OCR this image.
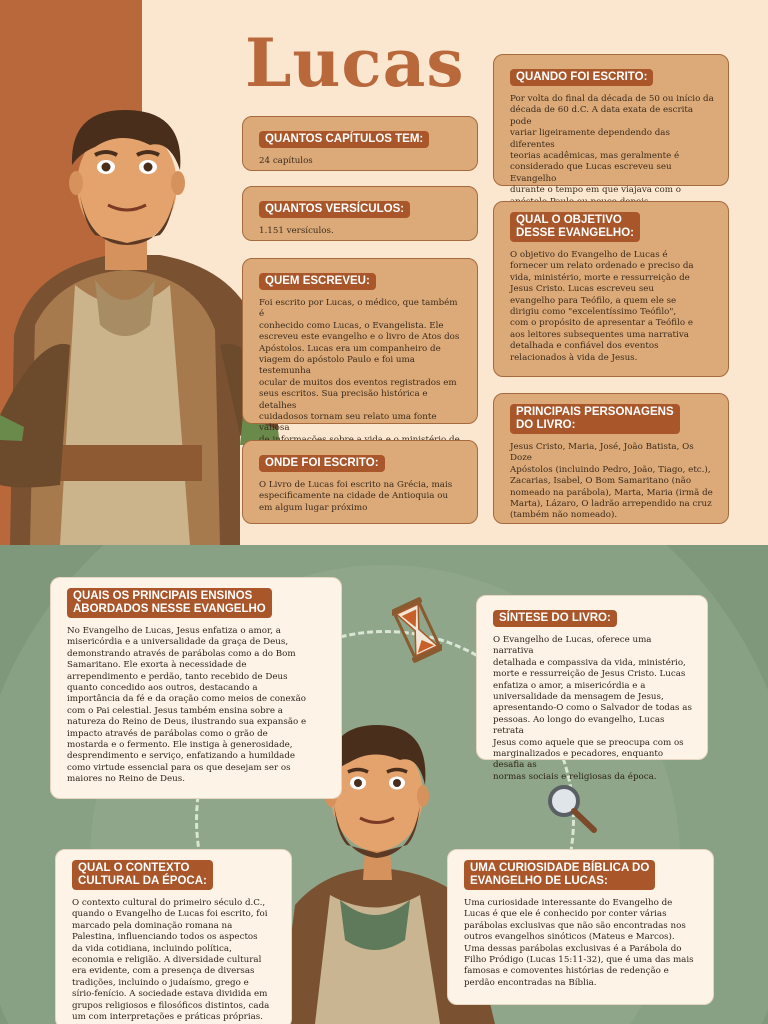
Lucas
QUANTOS CAPÍTULOS TEM:
24 capítulos
QUANTOS VERSÍCULOS:
1.151 versículos.
QUEM ESCREVEU:
Foi escrito por Lucas, o médico, que também é
conhecido como Lucas, o Evangelista. Ele
escreveu este evangelho e o livro de Atos dos
Apóstolos. Lucas era um companheiro de
viagem do apóstolo Paulo e foi uma testemunha
ocular de muitos dos eventos registrados em
seus escritos. Sua precisão histórica e detalhes
cuidadosos tornam seu relato uma fonte valiosa

ONDE FOI ESCRITO:
O Livro de Lucas foi escrito na Grécia, mais
especificamente na cidade de Antioquia ou
em algum lugar próximo
QUANDO FOI ESCRITO:
Por volta do final da década de 50 ou início da
década de 60 d.C. A data exata de escrita pode
variar ligeiramente dependendo das diferentes
teorias acadêmicas, mas geralmente é
considerado que Lucas escreveu seu Evangelho
durante o tempo em que viajava com o

QUAL O OBJETIVO
DESSE EVANGELHO:
O objetivo do Evangelho de Lucas é
fornecer um relato ordenado e preciso da
vida, ministério, morte e ressurreição de
Jesus Cristo. Lucas escreveu seu
evangelho para Teófilo, a quem ele se
dirigiu como "excelentíssimo Teófilo",
com o propósito de apresentar a Teófilo e
aos leitores subsequentes uma narrativa
detalhada e confiável dos eventos
relacionados à vida de Jesus.
PRINCIPAIS PERSONAGENS
DO LIVRO:
Jesus Cristo, Maria, José, João Batista, Os Doze
Apóstolos (incluindo Pedro, João, Tiago, etc.),
Zacarias, Isabel, O Bom Samaritano (não
nomeado na parábola), Marta, Maria (irmã de
Marta), Lázaro, O ladrão arrependido na cruz
(também não nomeado).
QUAIS OS PRINCIPAIS ENSINOS
ABORDADOS NESSE EVANGELHO
No Evangelho de Lucas, Jesus enfatiza o amor, a
misericórdia e a universalidade da graça de Deus,
demonstrando através de parábolas como a do Bom
Samaritano. Ele exorta à necessidade de
arrependimento e perdão, tanto recebido de Deus
quanto concedido aos outros, destacando a
importância da fé e da oração como meios de conexão
com o Pai celestial. Jesus também ensina sobre a
natureza do Reino de Deus, ilustrando sua expansão e
impacto através de parábolas como o grão de
mostarda e o fermento. Ele instiga à generosidade,
desprendimento e serviço, enfatizando a humildade
como virtude essencial para os que desejam ser os
maiores no Reino de Deus.
SÍNTESE DO LIVRO:
O Evangelho de Lucas, oferece uma narrativa
detalhada e compassiva da vida, ministério,
morte e ressurreição de Jesus Cristo. Lucas
enfatiza o amor, a misericórdia e a
universalidade da mensagem de Jesus,
apresentando-O como o Salvador de todas as
pessoas. Ao longo do evangelho, Lucas retrata
Jesus como aquele que se preocupa com os
marginalizados e pecadores, enquanto desafia as
normas sociais e religiosas da época.
QUAL O CONTEXTO
CULTURAL DA ÉPOCA:
O contexto cultural do primeiro século d.C.,
quando o Evangelho de Lucas foi escrito, foi
marcado pela dominação romana na
Palestina, influenciando todos os aspectos
da vida cotidiana, incluindo política,
economia e religião. A diversidade cultural
era evidente, com a presença de diversas
tradições, incluindo o judaísmo, grego e
sírio-fenício. A sociedade estava dividida em
grupos religiosos e filosóficos distintos, cada
um com interpretações e práticas próprias.
UMA CURIOSIDADE BÍBLICA DO
EVANGELHO DE LUCAS:
Uma curiosidade interessante do Evangelho de
Lucas é que ele é conhecido por conter várias
parábolas exclusivas que não são encontradas nos
outros evangelhos sinóticos (Mateus e Marcos).
Uma dessas parábolas exclusivas é a Parábola do
Filho Pródigo (Lucas 15:11-32), que é uma das mais
famosas e comoventes histórias de redenção e
perdão encontradas na Bíblia.
